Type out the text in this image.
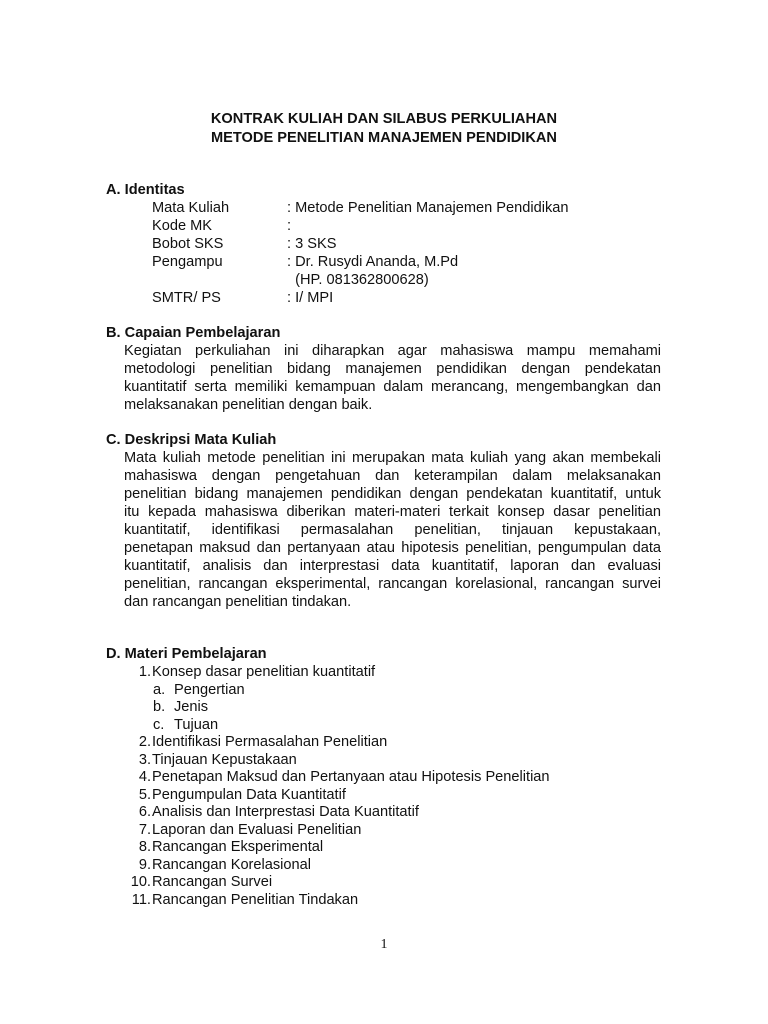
KONTRAK KULIAH DAN SILABUS PERKULIAHAN
METODE PENELITIAN MANAJEMEN PENDIDIKAN
A. Identitas
Mata Kuliah	: Metode Penelitian Manajemen Pendidikan
Kode MK	:
Bobot SKS	: 3 SKS
Pengampu	: Dr. Rusydi Ananda, M.Pd
(HP. 081362800628)
SMTR/ PS	: I/ MPI
B. Capaian Pembelajaran
Kegiatan perkuliahan ini diharapkan agar mahasiswa mampu memahami
metodologi penelitian bidang manajemen pendidikan dengan pendekatan
kuantitatif serta memiliki kemampuan dalam merancang, mengembangkan dan
melaksanakan penelitian dengan baik.
C. Deskripsi Mata Kuliah
Mata kuliah metode penelitian ini merupakan mata kuliah yang akan membekali
mahasiswa dengan pengetahuan dan keterampilan dalam melaksanakan
penelitian bidang manajemen pendidikan dengan pendekatan kuantitatif, untuk
itu kepada mahasiswa diberikan materi-materi terkait konsep dasar penelitian
kuantitatif, identifikasi permasalahan penelitian, tinjauan kepustakaan,
penetapan maksud dan pertanyaan atau hipotesis penelitian, pengumpulan data
kuantitatif, analisis dan interprestasi data kuantitatif, laporan dan evaluasi
penelitian, rancangan eksperimental, rancangan korelasional, rancangan survei
dan rancangan penelitian tindakan.
D. Materi Pembelajaran
1. Konsep dasar penelitian kuantitatif
a. Pengertian
b. Jenis
c. Tujuan
2. Identifikasi Permasalahan Penelitian
3. Tinjauan Kepustakaan
4. Penetapan Maksud dan Pertanyaan atau Hipotesis Penelitian
5. Pengumpulan Data Kuantitatif
6. Analisis dan Interprestasi Data Kuantitatif
7. Laporan dan Evaluasi Penelitian
8. Rancangan Eksperimental
9. Rancangan Korelasional
10. Rancangan Survei
11. Rancangan Penelitian Tindakan
1
